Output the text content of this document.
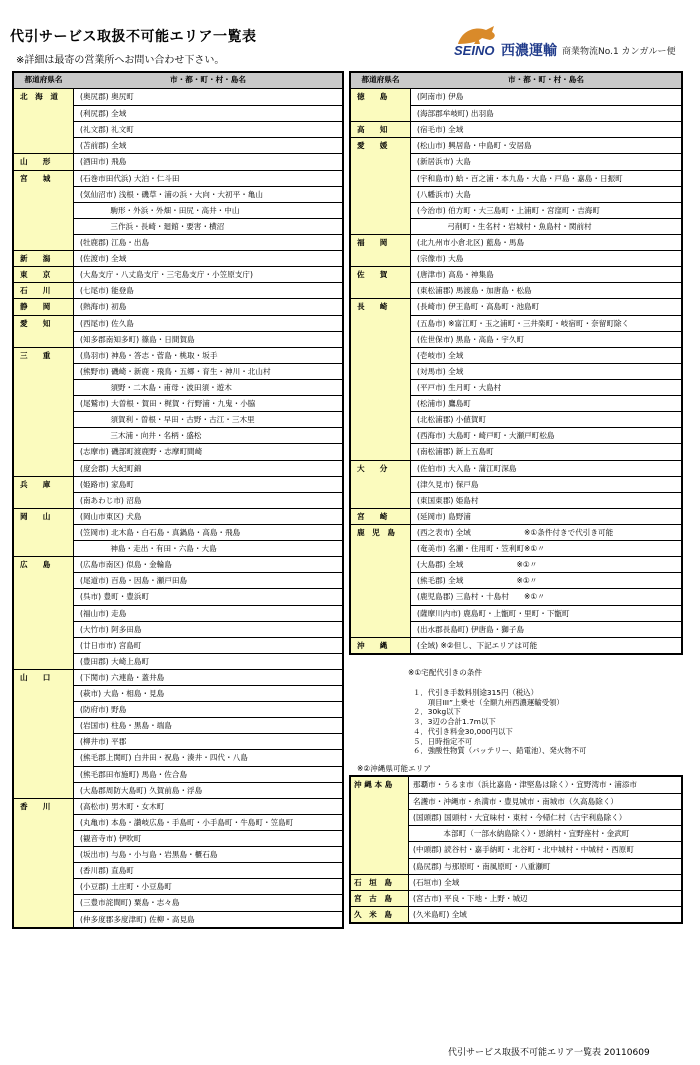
代引サービス取扱不可能エリア一覧表
※詳細は最寄の営業所へお問い合わせ下さい。
SEINO 西濃運輸 商業物流No.1 カンガルー便
都道府県名	市・都・町・村・島名
北　海　道	(奥尻郡) 奥尻町
(利尻郡) 全域
(礼文郡) 礼文町
(苫前郡) 全域
山　　形	(酒田市) 飛島
宮　　城	(石巻市田代浜) 大泊・仁斗田
(気仙沼市) 浅根・磯草・浦の浜・大向・大初平・亀山
　　　　駒形・外浜・外畑・田尻・高井・中山
　　　　三作浜・長崎・廻館・要害・横沼
(牡鹿郡) 江島・出島
新　　潟	(佐渡市) 全域
東　　京	(大島支庁・八丈島支庁・三宅島支庁・小笠原支庁)
石　　川	(七尾市) 能登島
静　　岡	(熱海市) 初島
愛　　知	(西尾市) 佐久島
(知多郡南知多町) 篠島・日間賀島
三　　重	(鳥羽市) 神島・答志・菅島・桃取・坂手
(熊野市) 磯崎・新鹿・飛鳥・五郷・育生・神川・北山村
　　　　須野・二木島・甫母・波田須・遊木
(尾鷲市) 大曽根・賀田・梶賀・行野浦・九鬼・小脇
　　　　須賀利・曽根・早田・古野・古江・三木里
　　　　三木浦・向井・名柄・盛松
(志摩市) 磯部町渡鹿野・志摩町間崎
(度会郡) 大紀町錦
兵　　庫	(姫路市) 家島町
(南あわじ市) 沼島
岡　　山	(岡山市東区) 犬島
(笠岡市) 北木島・白石島・真鍋島・高島・飛島
　　　　神島・走出・有田・六島・大島
広　　島	(広島市南区) 似島・金輪島
(尾道市) 百島・因島・瀬戸田島
(呉市) 豊町・豊浜町
(福山市) 走島
(大竹市) 阿多田島
(廿日市市) 宮島町
(豊田郡) 大崎上島町
山　　口	(下関市) 六連島・蓋井島
(萩市) 大島・相島・見島
(防府市) 野島
(岩国市) 柱島・黒島・端島
(柳井市) 平郡
(熊毛郡上関町) 白井田・祝島・湊井・四代・八島
(熊毛郡田布施町) 馬島・佐合島
(大島郡周防大島町) 久賀前島・浮島
香　　川	(高松市) 男木町・女木町
(丸亀市) 本島・讃岐広島・手島町・小手島町・牛島町・笠島町
(観音寺市) 伊吹町
(坂出市) 与島・小与島・岩黒島・櫃石島
(香川郡) 直島町
(小豆郡) 土庄町・小豆島町
(三豊市詫間町) 粟島・志々島
(仲多度郡多度津町) 佐柳・高見島
都道府県名	市・都・町・村・島名
徳　　島	(阿南市) 伊島
(海部郡牟岐町) 出羽島
高　　知	(宿毛市) 全域
愛　　媛	(松山市) 興居島・中島町・安居島
(新居浜市) 大島
(宇和島市) 蛤・百之浦・本九島・大島・戸島・嘉島・日振町
(八幡浜市) 大島
(今治市) 伯方町・大三島町・上浦町・宮窪町・吉海町
　　　　弓削町・生名村・岩城村・魚島村・関前村
福　　岡	(北九州市小倉北区) 藍島・馬島
(宗像市) 大島
佐　　賀	(唐津市) 高島・神集島
(東松浦郡) 馬渡島・加唐島・松島
長　　崎	(長崎市) 伊王島町・高島町・池島町
(五島市) ※富江町・玉之浦町・三井楽町・岐宿町・奈留町除く
(佐世保市) 黒島・高島・宇久町
(壱岐市) 全域
(対馬市) 全域
(平戸市) 生月町・大島村
(松浦市) 鷹島町
(北松浦郡) 小値賀町
(西海市) 大島町・崎戸町・大瀬戸町松島
(南松浦郡) 新上五島町
大　　分	(佐伯市) 大入島・蒲江町深島
(津久見市) 保戸島
(東国東郡) 姫島村
宮　　崎	(延岡市) 島野浦
鹿　児　島	(西之表市) 全域　　　　　　　※①条件付きで代引き可能
(奄美市) 名瀬・住用町・笠利町※①〃
(大島郡) 全域　　　　　　　※①〃
(熊毛郡) 全域　　　　　　　※①〃
(鹿児島郡) 三島村・十島村　　※①〃
(薩摩川内市) 鹿島町・上甑町・里町・下甑町
(出水郡長島町) 伊唐島・獅子島
沖　　縄	(全域) ※②但し、下記エリアは可能
※①宅配代引きの条件
１．代引き手数料別途315円（税込）
　　項目III”上乗せ（全額九州西濃運輸受領）
２．30kg以下
３．3辺の合計1.7m以下
４．代引き料金30,000円以下
５．日時指定不可
６．強酸性物質（バッテリー、鉛電池）、発火物不可
※②沖縄県可能エリア
沖 縄 本 島	那覇市・うるま市（浜比嘉島・津堅島は除く）・宜野湾市・浦添市
名護市・沖縄市・糸満市・豊見城市・南城市（久高島除く）
(国頭郡) 国頭村・大宜味村・東村・今帰仁村（古宇利島除く）
　　　　本部町（一部水納島除く）・恩納村・宜野座村・金武町
(中頭郡) 読谷村・嘉手納町・北谷町・北中城村・中城村・西原町
(島尻郡) 与那原町・南風原町・八重瀬町
石　垣　島	(石垣市) 全域
宮　古　島	(宮古市) 平良・下地・上野・城辺
久　米　島	(久米島町) 全域
代引サービス取扱不可能エリア一覧表 20110609
